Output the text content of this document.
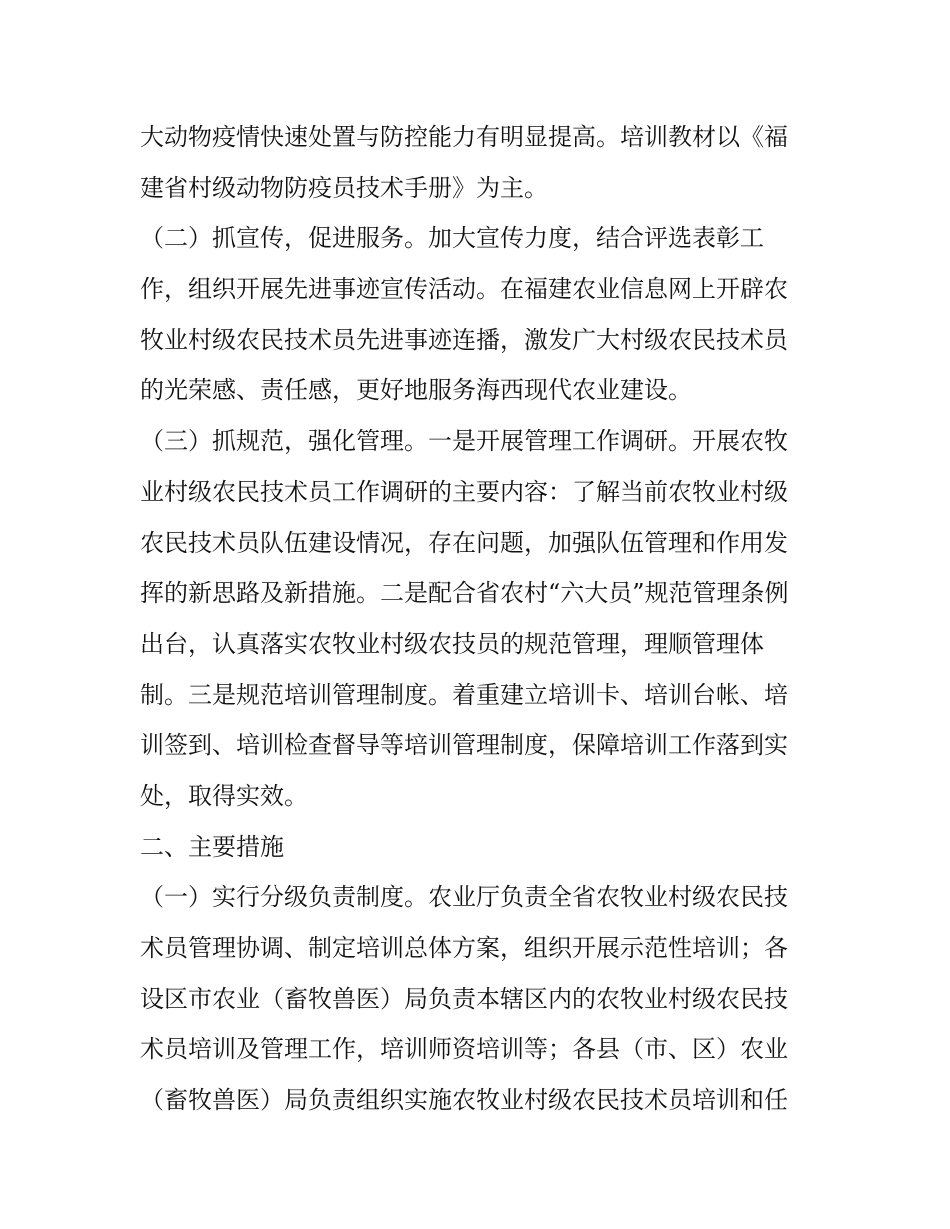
大动物疫情快速处置与防控能力有明显提高。培训教材以《福
建省村级动物防疫员技术手册》为主。
（二）抓宣传，促进服务。加大宣传力度，结合评选表彰工
作，组织开展先进事迹宣传活动。在福建农业信息网上开辟农
牧业村级农民技术员先进事迹连播，激发广大村级农民技术员
的光荣感、责任感，更好地服务海西现代农业建设。
（三）抓规范，强化管理。一是开展管理工作调研。开展农牧
业村级农民技术员工作调研的主要内容：了解当前农牧业村级
农民技术员队伍建设情况，存在问题，加强队伍管理和作用发
挥的新思路及新措施。二是配合省农村“六大员”规范管理条例
出台，认真落实农牧业村级农技员的规范管理，理顺管理体
制。三是规范培训管理制度。着重建立培训卡、培训台帐、培
训签到、培训检查督导等培训管理制度，保障培训工作落到实
处，取得实效。
二、主要措施
（一）实行分级负责制度。农业厅负责全省农牧业村级农民技
术员管理协调、制定培训总体方案，组织开展示范性培训；各
设区市农业（畜牧兽医）局负责本辖区内的农牧业村级农民技
术员培训及管理工作，培训师资培训等；各县（市、区）农业
（畜牧兽医）局负责组织实施农牧业村级农民技术员培训和任
